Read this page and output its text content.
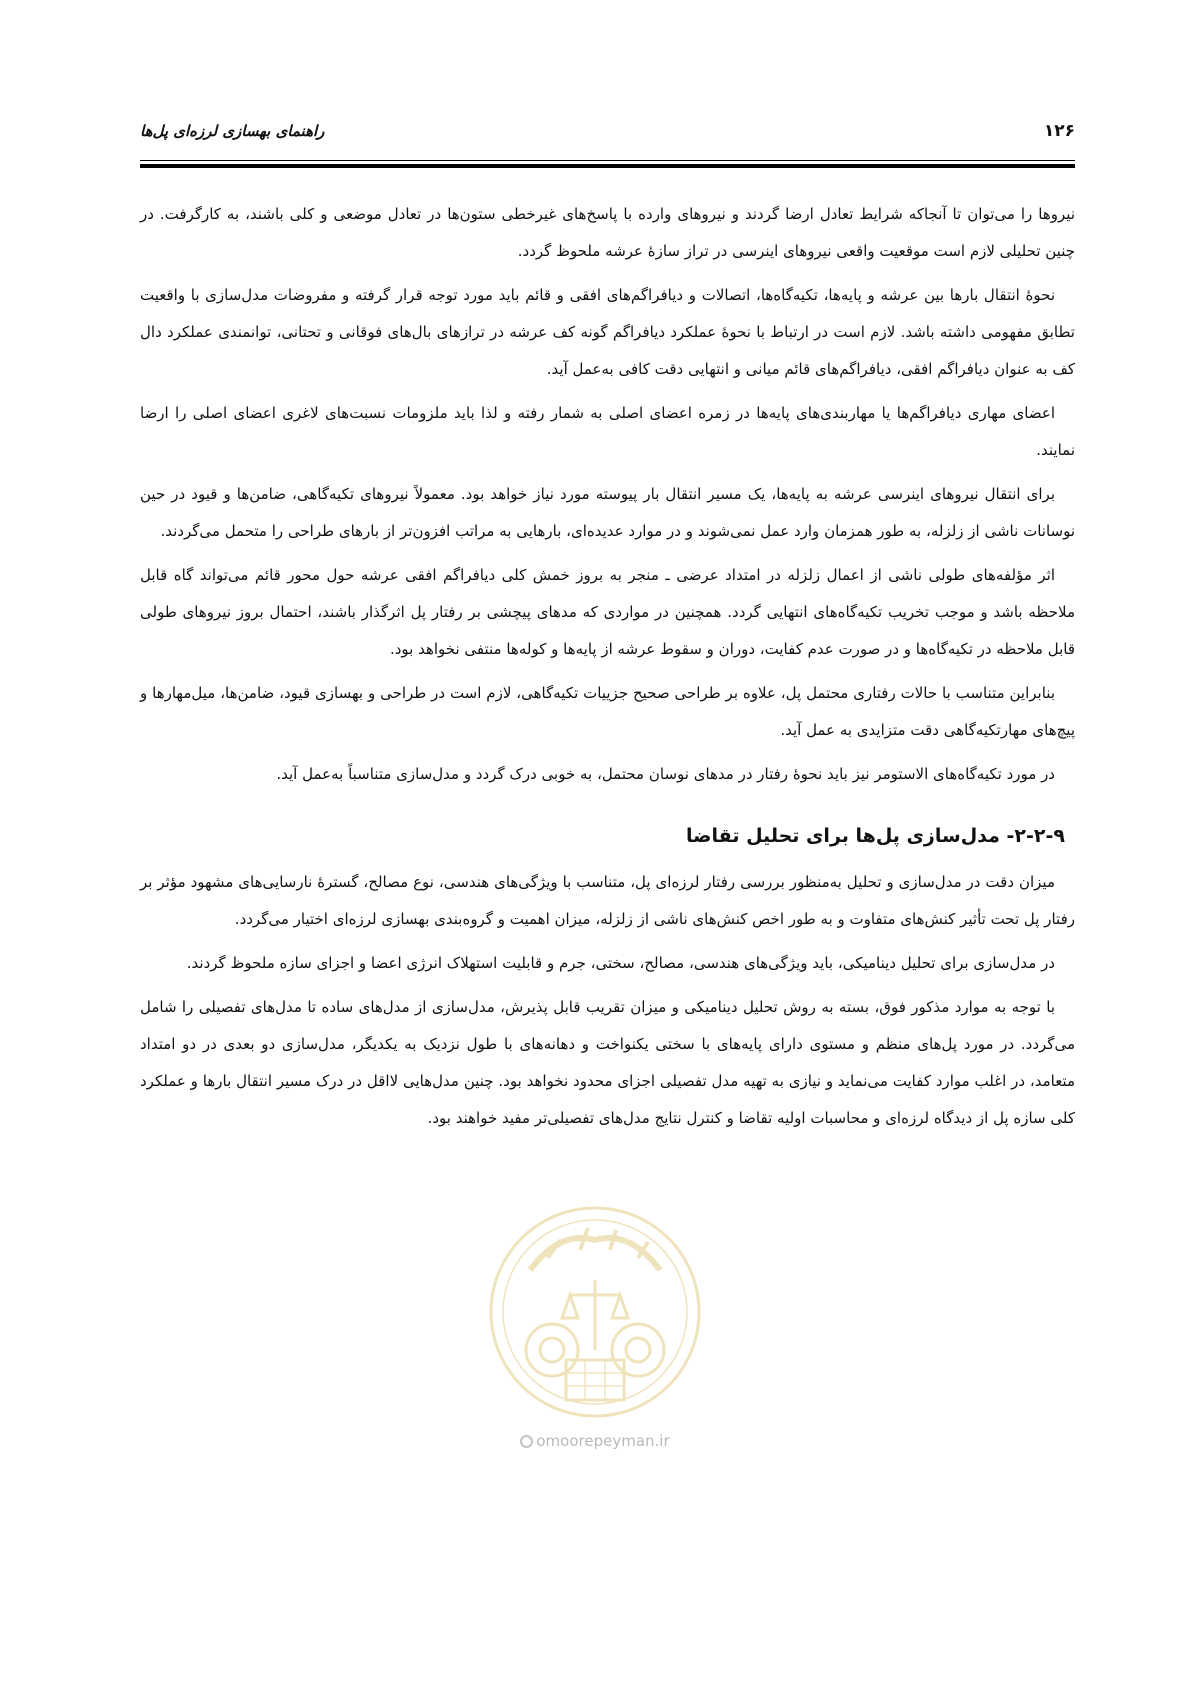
۱۲۶
راهنمای بهسازی لرزه‌ای پل‌ها
omoorepeyman.ir

نیروها را می‌توان تا آنجاکه شرایط تعادل ارضا گردند و نیروهای وارده با پاسخ‌های غیرخطی ستون‌ها در تعادل موضعی و کلی باشند، به کارگرفت. در چنین تحلیلی لازم است موقعیت واقعی نیروهای اینرسی در تراز سازهٔ عرشه ملحوظ گردد.

نحوهٔ انتقال بارها بین عرشه و پایه‌ها، تکیه‌گاه‌ها، اتصالات و دیافراگم‌های افقی و قائم باید مورد توجه قرار گرفته و مفروضات مدل‌سازی با واقعیت تطابق مفهومی داشته باشد. لازم است در ارتباط با نحوهٔ عملکرد دیافراگم گونه کف عرشه در ترازهای بال‌های فوقانی و تحتانی، توانمندی عملکرد دال کف به عنوان دیافراگم افقی، دیافراگم‌های قائم میانی و انتهایی دقت کافی به‌عمل آید.

اعضای مهاری دیافراگم‌ها یا مهاربندی‌های پایه‌ها در زمره اعضای اصلی به شمار رفته و لذا باید ملزومات نسبت‌های لاغری اعضای اصلی را ارضا نمایند.

برای انتقال نیروهای اینرسی عرشه به پایه‌ها، یک مسیر انتقال بار پیوسته مورد نیاز خواهد بود. معمولاً نیروهای تکیه‌گاهی، ضامن‌ها و قیود در حین نوسانات ناشی از زلزله، به طور همزمان وارد عمل نمی‌شوند و در موارد عدیده‌ای، بارهایی به مراتب افزون‌تر از بارهای طراحی را متحمل می‌گردند.

اثر مؤلفه‌های طولی ناشی از اعمال زلزله در امتداد عرضی ـ منجر به بروز خمش کلی دیافراگم افقی عرشه حول محور قائم می‌تواند گاه قابل ملاحظه باشد و موجب تخریب تکیه‌گاه‌های انتهایی گردد. همچنین در مواردی که مدهای پیچشی بر رفتار پل اثرگذار باشند، احتمال بروز نیروهای طولی قابل ملاحظه در تکیه‌گاه‌ها و در صورت عدم کفایت، دوران و سقوط عرشه از پایه‌ها و کوله‌ها منتفی نخواهد بود.

بنابراین متناسب با حالات رفتاری محتمل پل، علاوه بر طراحی صحیح جزییات تکیه‌گاهی، لازم است در طراحی و بهسازی قیود، ضامن‌ها، میل‌مهارها و پیچ‌های مهارتکیه‌گاهی دقت متزایدی به عمل آید.

در مورد تکیه‌گاه‌های الاستومر نیز باید نحوهٔ رفتار در مدهای نوسان محتمل، به خوبی درک گردد و مدل‌سازی متناسباً به‌عمل آید.

۹-۲-۲- مدل‌سازی پل‌ها برای تحلیل تقاضا

میزان دقت در مدل‌سازی و تحلیل به‌منظور بررسی رفتار لرزه‌ای پل، متناسب با ویژگی‌های هندسی، نوع مصالح، گسترهٔ نارسایی‌های مشهود مؤثر بر رفتار پل تحت تأثیر کنش‌های متفاوت و به طور اخص کنش‌های ناشی از زلزله، میزان اهمیت و گروه‌بندی بهسازی لرزه‌ای اختیار می‌گردد.

در مدل‌سازی برای تحلیل دینامیکی، باید ویژگی‌های هندسی، مصالح، سختی، جرم و قابلیت استهلاک انرژی اعضا و اجزای سازه ملحوظ گردند.

با توجه به موارد مذکور فوق، بسته به روش تحلیل دینامیکی و میزان تقریب قابل پذیرش، مدل‌سازی از مدل‌های ساده تا مدل‌های تفصیلی را شامل می‌گردد. در مورد پل‌های منظم و مستوی دارای پایه‌های با سختی یکنواخت و دهانه‌های با طول نزدیک به یکدیگر، مدل‌سازی دو بعدی در دو امتداد متعامد، در اغلب موارد کفایت می‌نماید و نیازی به تهیه مدل تفصیلی اجزای محدود نخواهد بود. چنین مدل‌هایی لااقل در درک مسیر انتقال بارها و عملکرد کلی سازه پل از دیدگاه لرزه‌ای و محاسبات اولیه تقاضا و کنترل نتایج مدل‌های تفصیلی‌تر مفید خواهند بود.
